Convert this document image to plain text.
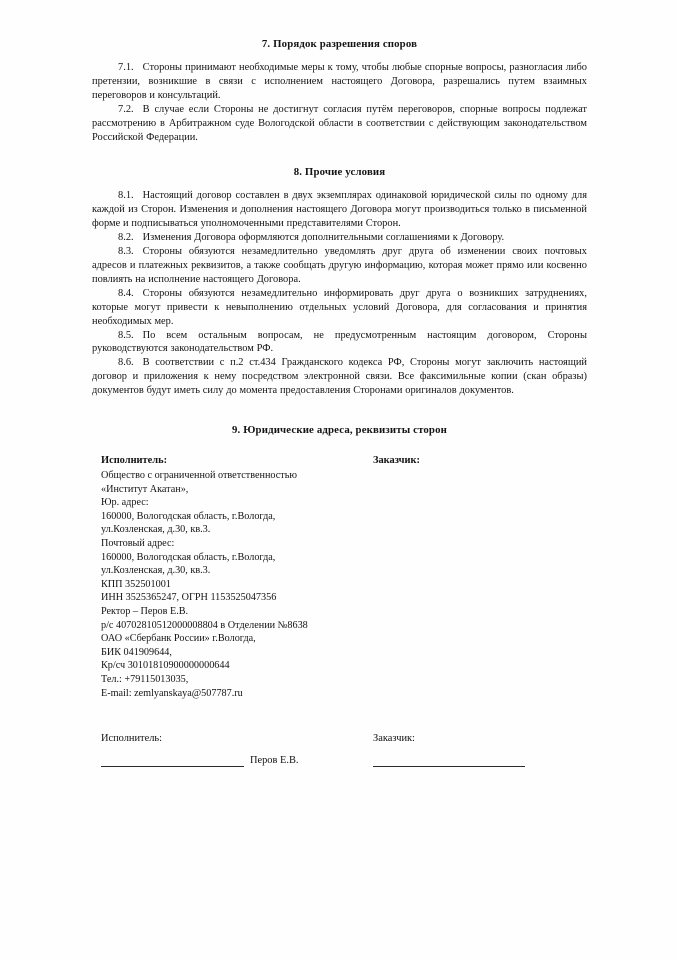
7. Порядок разрешения споров

7.1. Стороны принимают необходимые меры к тому, чтобы любые спорные вопросы, разногласия либо претензии, возникшие в связи с исполнением настоящего Договора, разрешались путем взаимных переговоров и консультаций.

7.2. В случае если Стороны не достигнут согласия путём переговоров, спорные вопросы подлежат рассмотрению в Арбитражном суде Вологодской области в соответствии с действующим законодательством Российской Федерации.

8. Прочие условия

8.1. Настоящий договор составлен в двух экземплярах одинаковой юридической силы по одному для каждой из Сторон. Изменения и дополнения настоящего Договора могут производиться только в письменной форме и подписываться уполномоченными представителями Сторон.

8.2. Изменения Договора оформляются дополнительными соглашениями к Договору.

8.3. Стороны обязуются незамедлительно уведомлять друг друга об изменении своих почтовых адресов и платежных реквизитов, а также сообщать другую информацию, которая может прямо или косвенно повлиять на исполнение настоящего Договора.

8.4. Стороны обязуются незамедлительно информировать друг друга о возникших затруднениях, которые могут привести к невыполнению отдельных условий Договора, для согласования и принятия необходимых мер.

8.5. По всем остальным вопросам, не предусмотренным настоящим договором, Стороны руководствуются законодательством РФ.

8.6. В соответствии с п.2 ст.434 Гражданского кодекса РФ, Стороны могут заключить настоящий договор и приложения к нему посредством электронной связи. Все факсимильные копии (скан образы) документов будут иметь силу до момента предоставления Сторонами оригиналов документов.

9. Юридические адреса, реквизиты сторон

Исполнитель:

Общество с ограниченной ответственностью

«Институт Акатан»,

Юр. адрес:

160000, Вологодская область, г.Вологда,

ул.Козленская, д.30, кв.3.

Почтовый адрес:

160000, Вологодская область, г.Вологда,

ул.Козленская, д.30, кв.3.

КПП 352501001

ИНН 3525365247, ОГРН 1153525047356

Ректор – Перов Е.В.

р/с 40702810512000008804 в Отделении №8638

ОАО «Сбербанк России» г.Вологда,

БИК 041909644,

Кр/сч 30101810900000000644

Тел.: +79115013035,

E-mail: zemlyanskaya@507787.ru

Заказчик:

Исполнитель:

Перов Е.В.

Заказчик:
